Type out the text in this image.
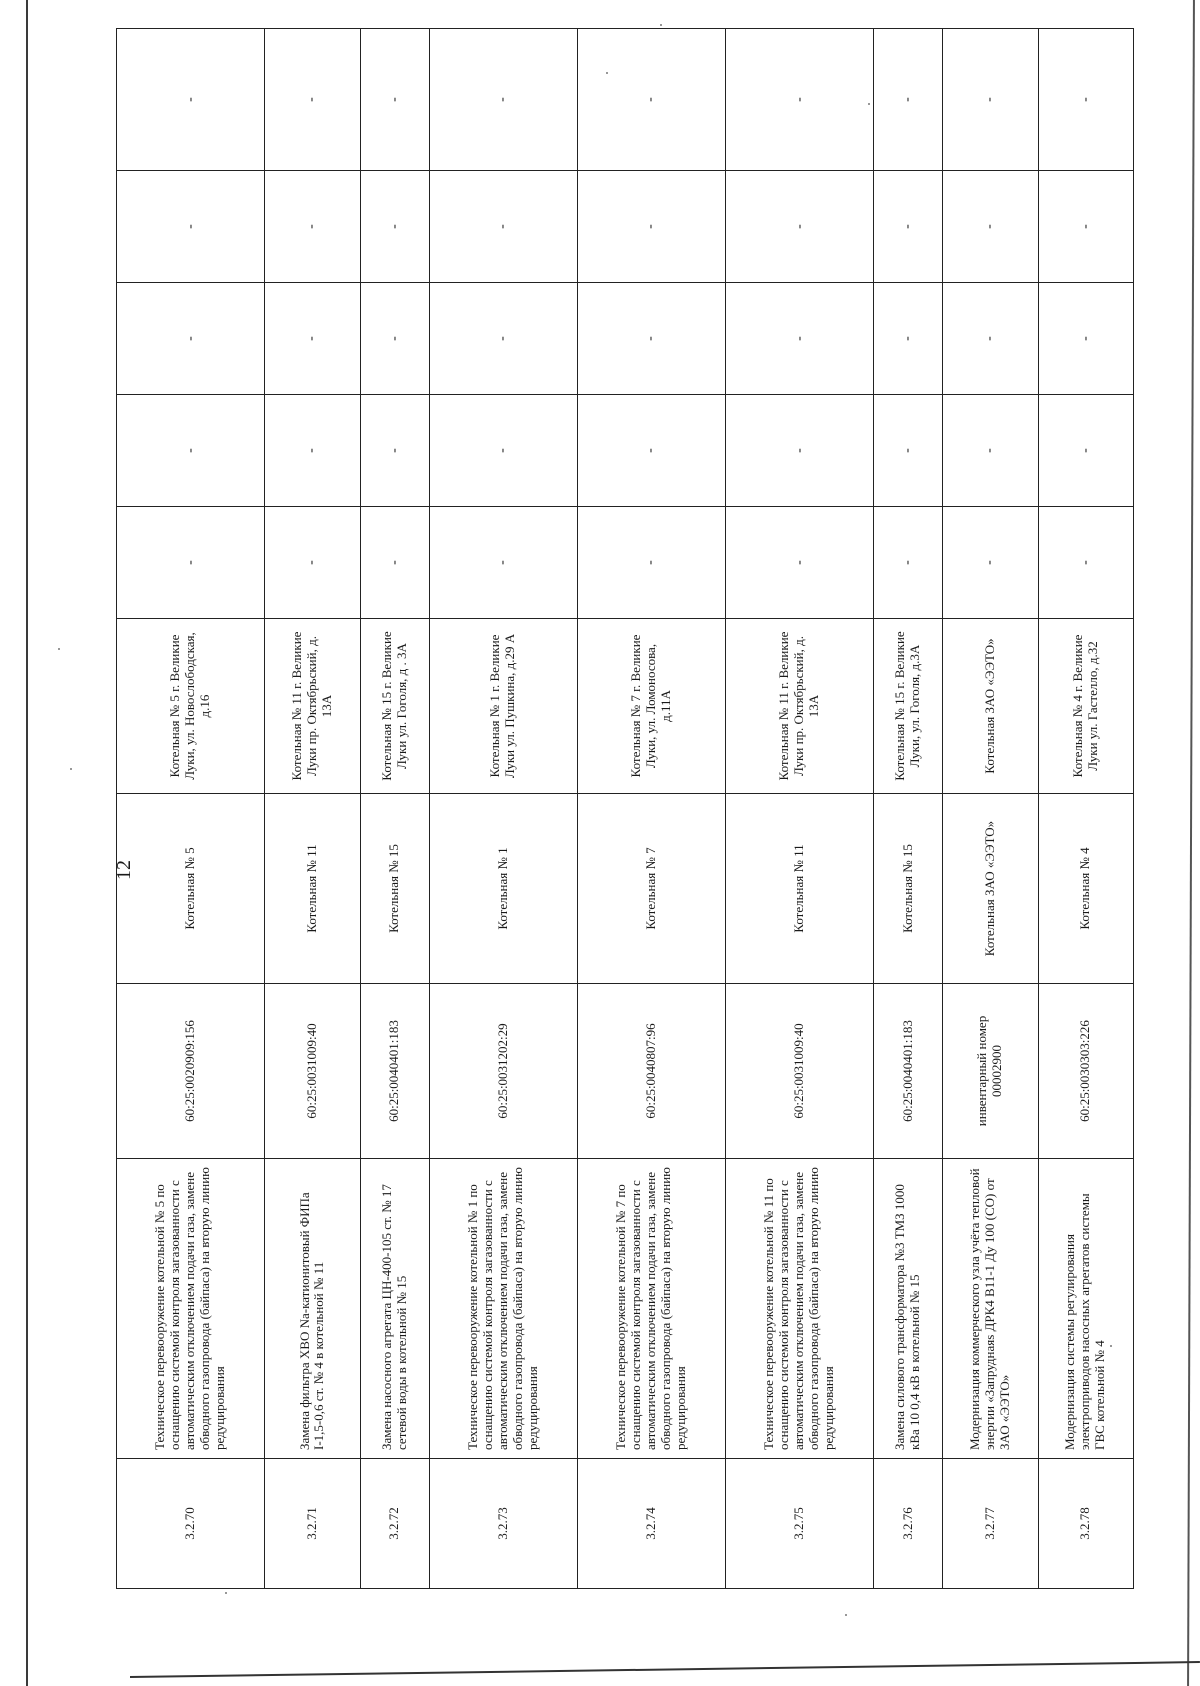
12
3.2.70	Техническое перевооружение котельной № 5 по оснащению системой контроля загазованности с автоматическим отключением подачи газа, замене обводного газопровода (байпаса) на вторую линию редуцирования	60:25:0020909:156	Котельная № 5	Котельная № 5 г. Великие Луки, ул. Новослободская, д.16	-	-	-	-	-
3.2.71	Замена фильтра ХВО Na-катионитовый ФИПа І-1,5-0,6 ст. № 4 в котельной № 11	60:25:0031009:40	Котельная № 11	Котельная № 11 г. Великие Луки пр. Октябрьский, д. 13А	-	-	-	-	-
3.2.72	Замена насосного агрегата ЦН-400-105 ст. № 17 сетевой воды в котельной № 15	60:25:0040401:183	Котельная № 15	Котельная № 15 г. Великие Луки ул. Гоголя, д . 3А	-	-	-	-	-
3.2.73	Техническое перевооружение котельной № 1 по оснащению системой контроля загазованности с автоматическим отключением подачи газа, замене обводного газопровода (байпаса) на вторую линию редуцирования	60:25:0031202:29	Котельная № 1	Котельная № 1 г. Великие Луки ул. Пушкина, д.29 А	-	-	-	-	-
3.2.74	Техническое перевооружение котельной № 7 по оснащению системой контроля загазованности с автоматическим отключением подачи газа, замене обводного газопровода (байпаса) на вторую линию редуцирования	60:25:0040807:96	Котельная № 7	Котельная № 7 г. Великие Луки, ул. Ломоносова, д.11А	-	-	-	-	-
3.2.75	Техническое перевооружение котельной № 11 по оснащению системой контроля загазованности с автоматическим отключением подачи газа, замене обводного газопровода (байпаса) на вторую линию редуцирования	60:25:0031009:40	Котельная № 11	Котельная № 11 г. Великие Луки пр. Октябрьский, д. 13А	-	-	-	-	-
3.2.76	Замена силового трансформатора №3 ТМЗ 1000 кВа 10 0,4 кВ в котельной № 15	60:25:0040401:183	Котельная № 15	Котельная № 15 г. Великие Луки, ул. Гоголя, д.3А	-	-	-	-	-
3.2.77	Модернизация коммерческого узла учёта тепловой энергии «Запруднаяs ДРК4 В11-1 Ду 100 (СО) от ЗАО «ЭЭТО»	инвентарный номер 00002900	Котельная ЗАО «ЭЭТО»	Котельная ЗАО «ЭЭТО»	-	-	-	-	-
3.2.78	Модернизация системы регулирования электроприводов насосных агрегатов системы ГВС котельной № 4	60:25:0030303:226	Котельная № 4	Котельная № 4 г. Великие Луки ул. Гастелло, д.32	-	-	-	-	-
